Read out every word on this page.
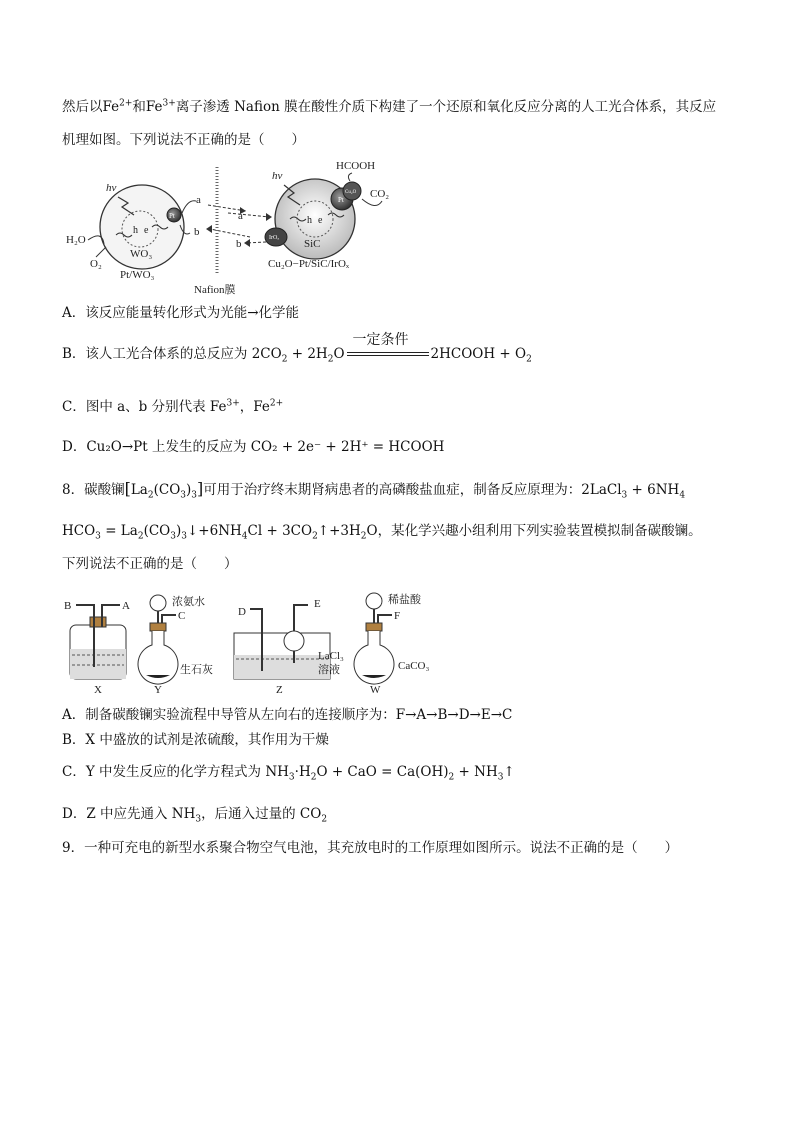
然后以$Fe^{2+}$和$Fe^{3+}$离子渗透 Nafion 膜在酸性介质下构建了一个还原和氧化反应分离的人工光合体系，其反应
机理如图。下列说法不正确的是（　　）
hv
h e
WO₃
Pt
H₂O
O₂
Pt/WO₃
a
b
Nafion膜
a
b
hv
h e
SiC
Pt
Cu₂O
IrOₓ
HCOOH
CO₂
Cu₂O−Pt/SiC/IrOₓ
A．该反应能量转化形式为光能→化学能
B．该人工光合体系的总反应为 $2CO_2 + 2H_2O$
一定条件
2HCOOH + $O_2$
C．图中 a、b 分别代表 $Fe^{3+}$，$Fe^{2+}$
D．Cu₂O→Pt 上发生的反应为 CO₂ + 2e⁻ + 2H⁺ = HCOOH
8．碳酸镧$[La_2(CO_3)_3]$可用于治疗终末期肾病患者的高磷酸盐血症，制备反应原理为：2LaCl$_3$ + $6NH_4$
$HCO_3$ = $La_2(CO_3)_3↓+6NH_4Cl$ + $3CO_2↑+3H_2O$，某化学兴趣小组利用下列实验装置模拟制备碳酸镧。
下列说法不正确的是（　　）
B	A
X
浓氨水
C
生石灰
Y
D
E
LaCl₃
溶液
Z
稀盐酸
F
CaCO₃
W
A．制备碳酸镧实验流程中导管从左向右的连接顺序为：F→A→B→D→E→C
B．X 中盛放的试剂是浓硫酸，其作用为干燥
C．Y 中发生反应的化学方程式为 $NH_3\cdot H_2O$ + CaO = $Ca(OH)_2$ + $NH_3↑$
D．Z 中应先通入 $NH_3$，后通入过量的 $CO_2$
9．一种可充电的新型水系聚合物空气电池，其充放电时的工作原理如图所示。说法不正确的是（　　）
